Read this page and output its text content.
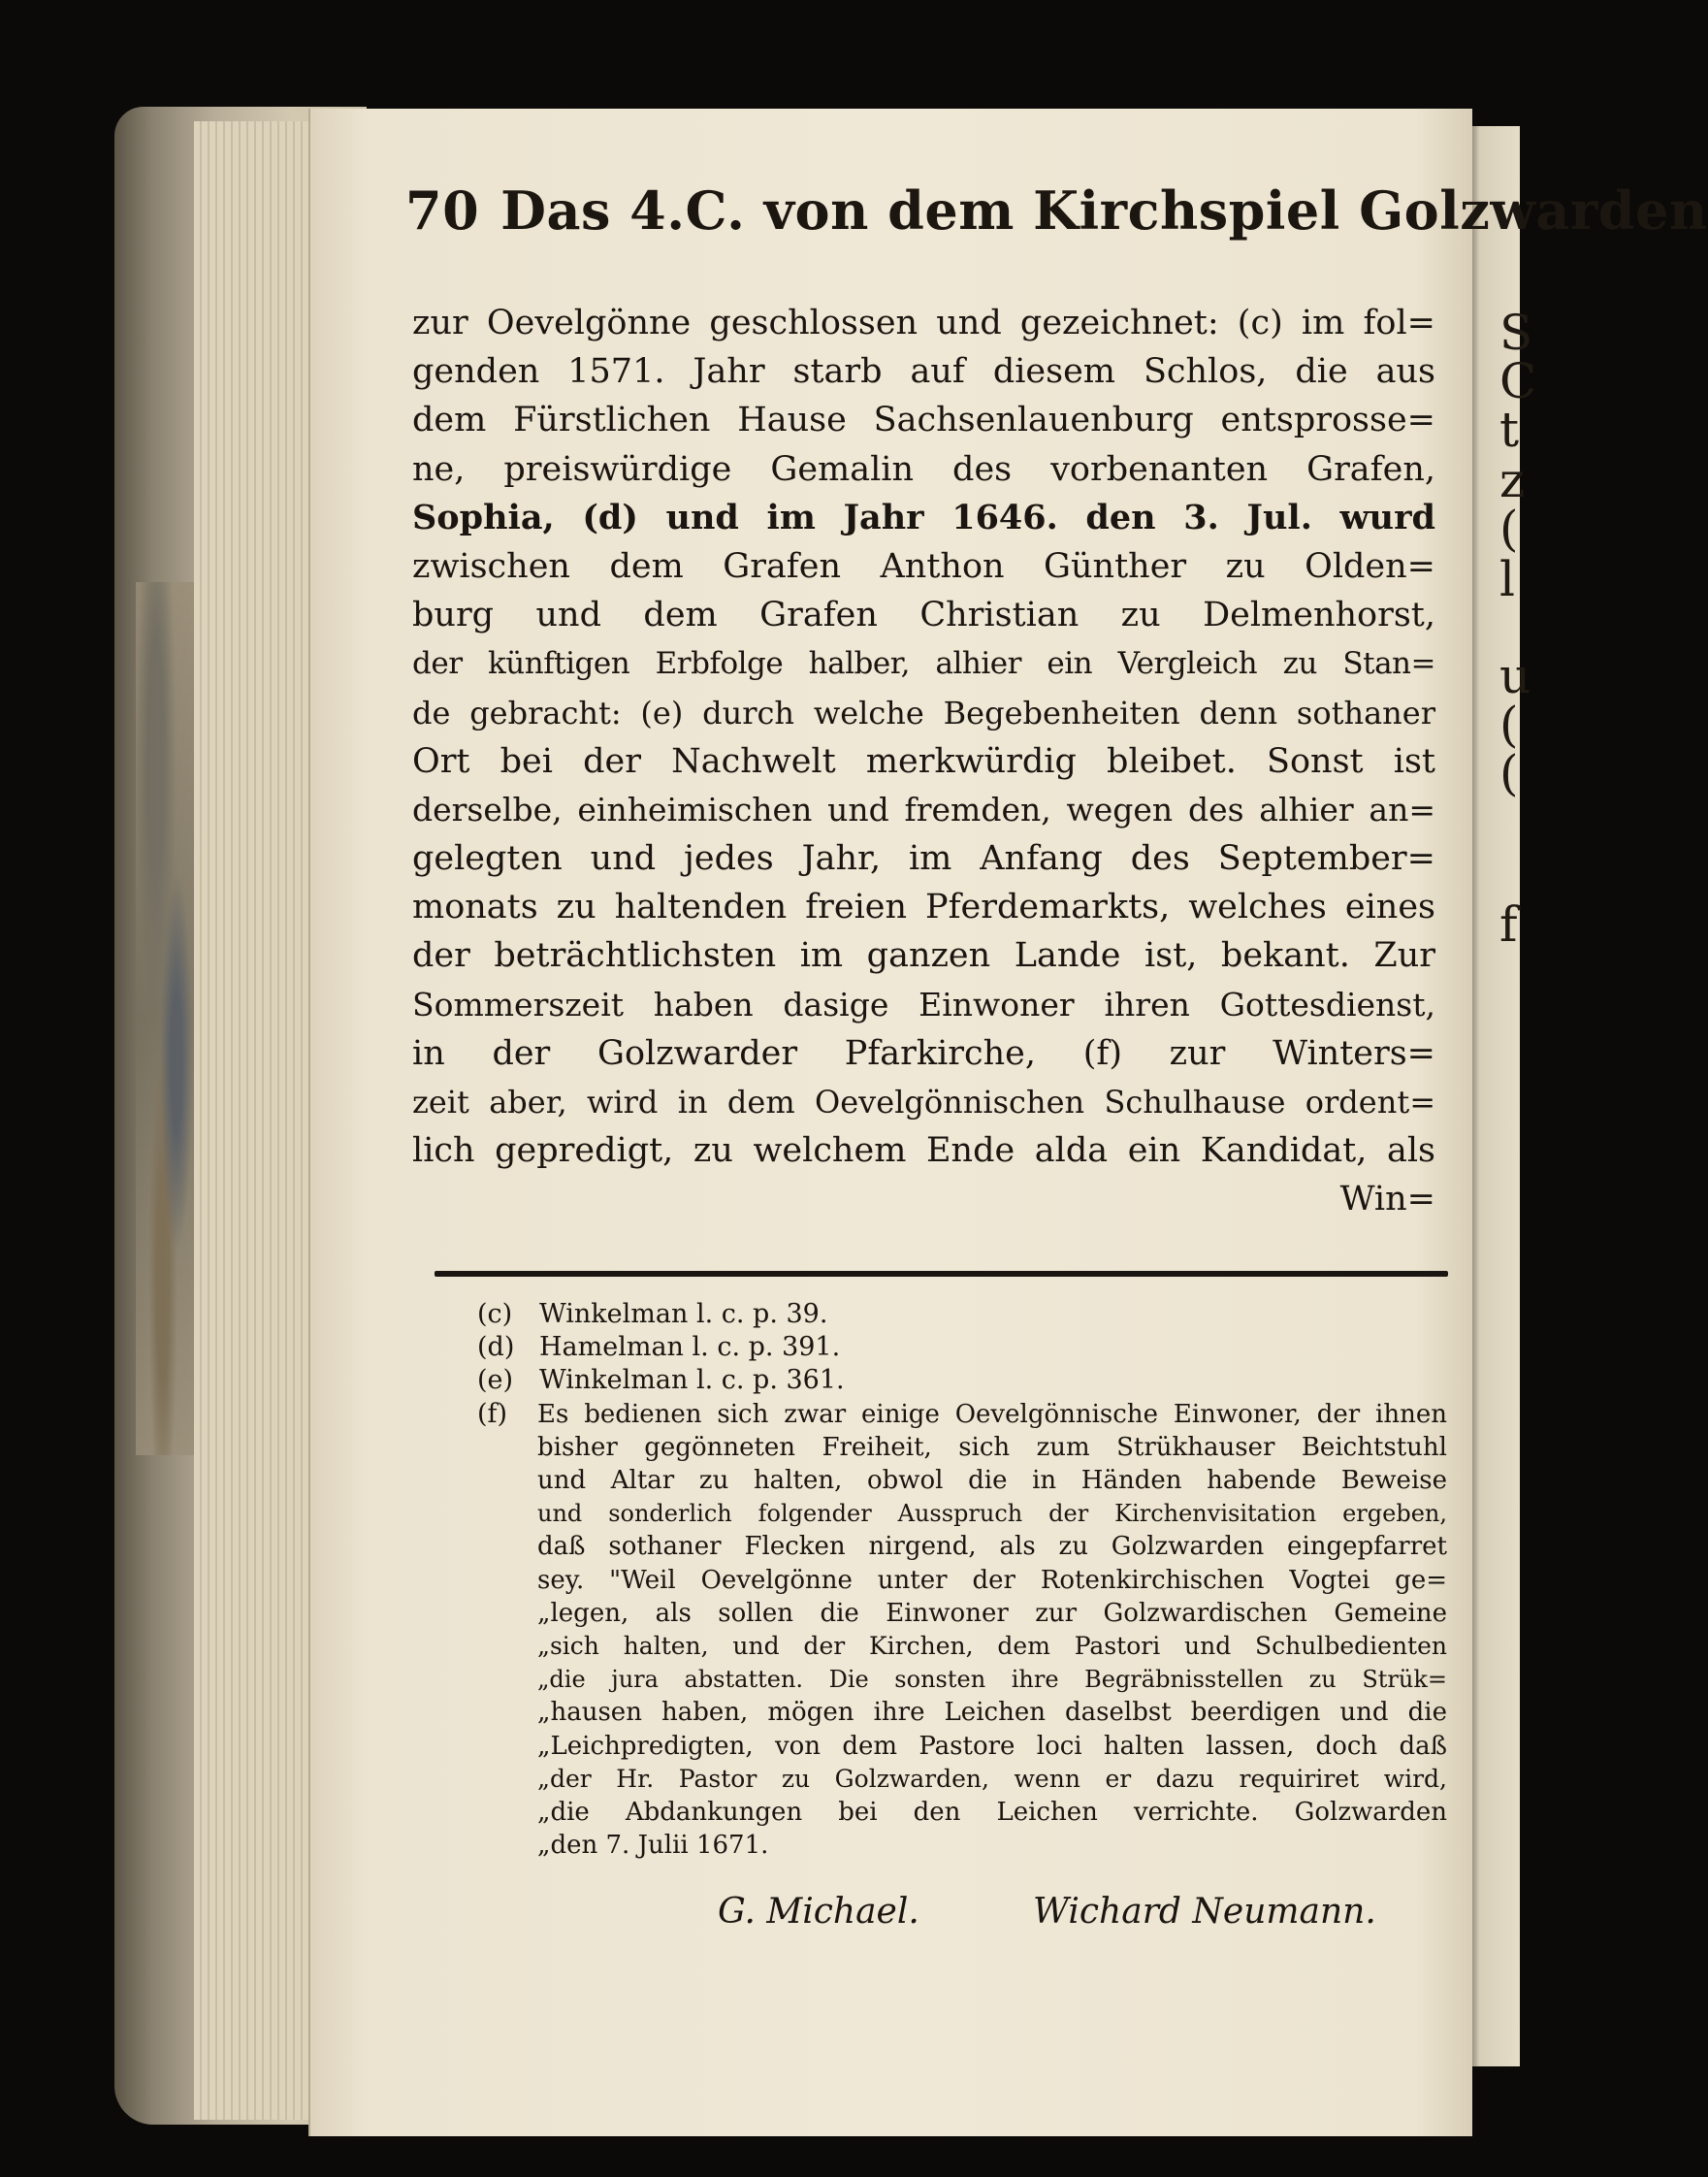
S
C
t
z
(
l
u
(
(
f
70 Das 4.C. von dem Kirchspiel Golzwarden
zur Oevelgönne geschlossen und gezeichnet: (c) im fol=
genden 1571. Jahr starb auf diesem Schlos, die aus
dem Fürstlichen Hause Sachsenlauenburg entsprosse=
ne, preiswürdige Gemalin des vorbenanten Grafen,
Sophia, (d) und im Jahr 1646. den 3. Jul. wurd
zwischen dem Grafen Anthon Günther zu Olden=
burg und dem Grafen Christian zu Delmenhorst,
der künftigen Erbfolge halber, alhier ein Vergleich zu Stan=
de gebracht: (e) durch welche Begebenheiten denn sothaner
Ort bei der Nachwelt merkwürdig bleibet. Sonst ist
derselbe, einheimischen und fremden, wegen des alhier an=
gelegten und jedes Jahr, im Anfang des September=
monats zu haltenden freien Pferdemarkts, welches eines
der beträchtlichsten im ganzen Lande ist, bekant. Zur
Sommerszeit haben dasige Einwoner ihren Gottesdienst,
in der Golzwarder Pfarkirche, (f) zur Winters=
zeit aber, wird in dem Oevelgönnischen Schulhause ordent=
lich gepredigt, zu welchem Ende alda ein Kandidat, als
Win=
(c) Winkelman l. c. p. 39.
(d) Hamelman l. c. p. 391.
(e) Winkelman l. c. p. 361.
(f) Es bedienen sich zwar einige Oevelgönnische Einwoner, der ihnen
bisher gegönneten Freiheit, sich zum Strükhauser Beichtstuhl
und Altar zu halten, obwol die in Händen habende Beweise
und sonderlich folgender Ausspruch der Kirchenvisitation ergeben,
daß sothaner Flecken nirgend, als zu Golzwarden eingepfarret
sey. "Weil Oevelgönne unter der Rotenkirchischen Vogtei ge=
„legen, als sollen die Einwoner zur Golzwardischen Gemeine
„sich halten, und der Kirchen, dem Pastori und Schulbedienten
„die jura abstatten. Die sonsten ihre Begräbnisstellen zu Strük=
„hausen haben, mögen ihre Leichen daselbst beerdigen und die
„Leichpredigten, von dem Pastore loci halten lassen, doch daß
„der Hr. Pastor zu Golzwarden, wenn er dazu requiriret wird,
„die Abdankungen bei den Leichen verrichte. Golzwarden
„den 7. Julii 1671.
G. Michael.	Wichard Neumann.
